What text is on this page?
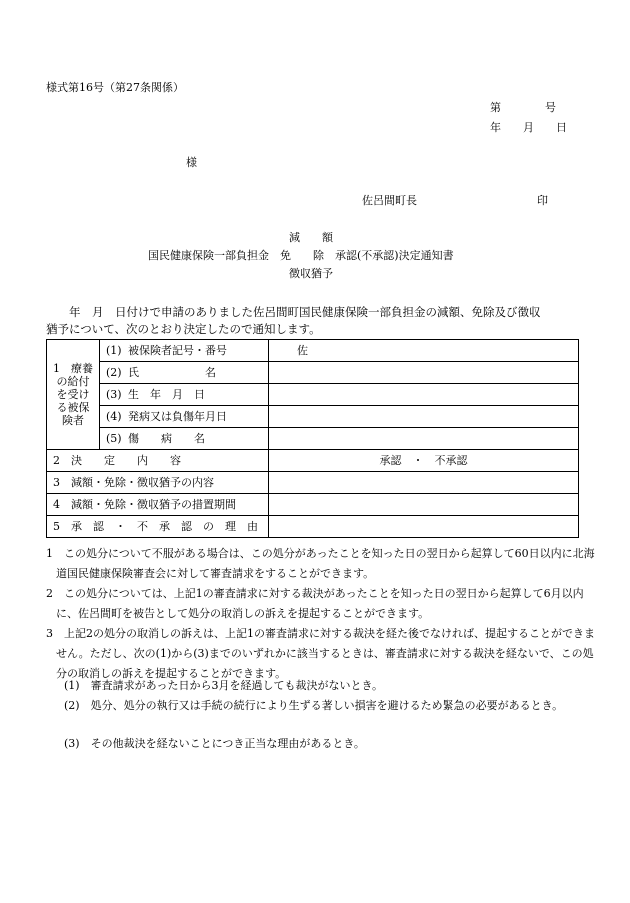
様式第16号（第27条関係）
第　　　　号
年　　月　　日
様
佐呂間町長	印
減　　額
国民健康保険一部負担金　免　　除　承認(不承認)決定通知書
徴収猶予
　　年　月　日付けで申請のありました佐呂間町国民健康保険一部負担金の減額、免除及び徴収
猶予について、次のとおり決定したので通知します。
1　療養
の給付
を受け
る被保
険者	(1) 被保険者記号・番号	佐
	(2) 氏　　　　　　名	
	(3) 生　年　月　日	
	(4) 発病又は負傷年月日	
	(5) 傷　　病　　名	
2　決　　定　　内　　容		承認　・　不承認
3　減額・免除・徴収猶予の内容		
4　減額・免除・徴収猶予の措置期間		
5　承　認　・　不　承　認　の　理　由		
1　この処分について不服がある場合は、この処分があったことを知った日の翌日から起算して60日以内に北海道国民健康保険審査会に対して審査請求をすることができます。
2　この処分については、上記1の審査請求に対する裁決があったことを知った日の翌日から起算して6月以内に、佐呂間町を被告として処分の取消しの訴えを提起することができます。
3　上記2の処分の取消しの訴えは、上記1の審査請求に対する裁決を経た後でなければ、提起することができません。ただし、次の(1)から(3)までのいずれかに該当するときは、審査請求に対する裁決を経ないで、この処分の取消しの訴えを提起することができます。
(1)　審査請求があった日から3月を経過しても裁決がないとき。
(2)　処分、処分の執行又は手続の続行により生ずる著しい損害を避けるため緊急の必要があるとき。
(3)　その他裁決を経ないことにつき正当な理由があるとき。
